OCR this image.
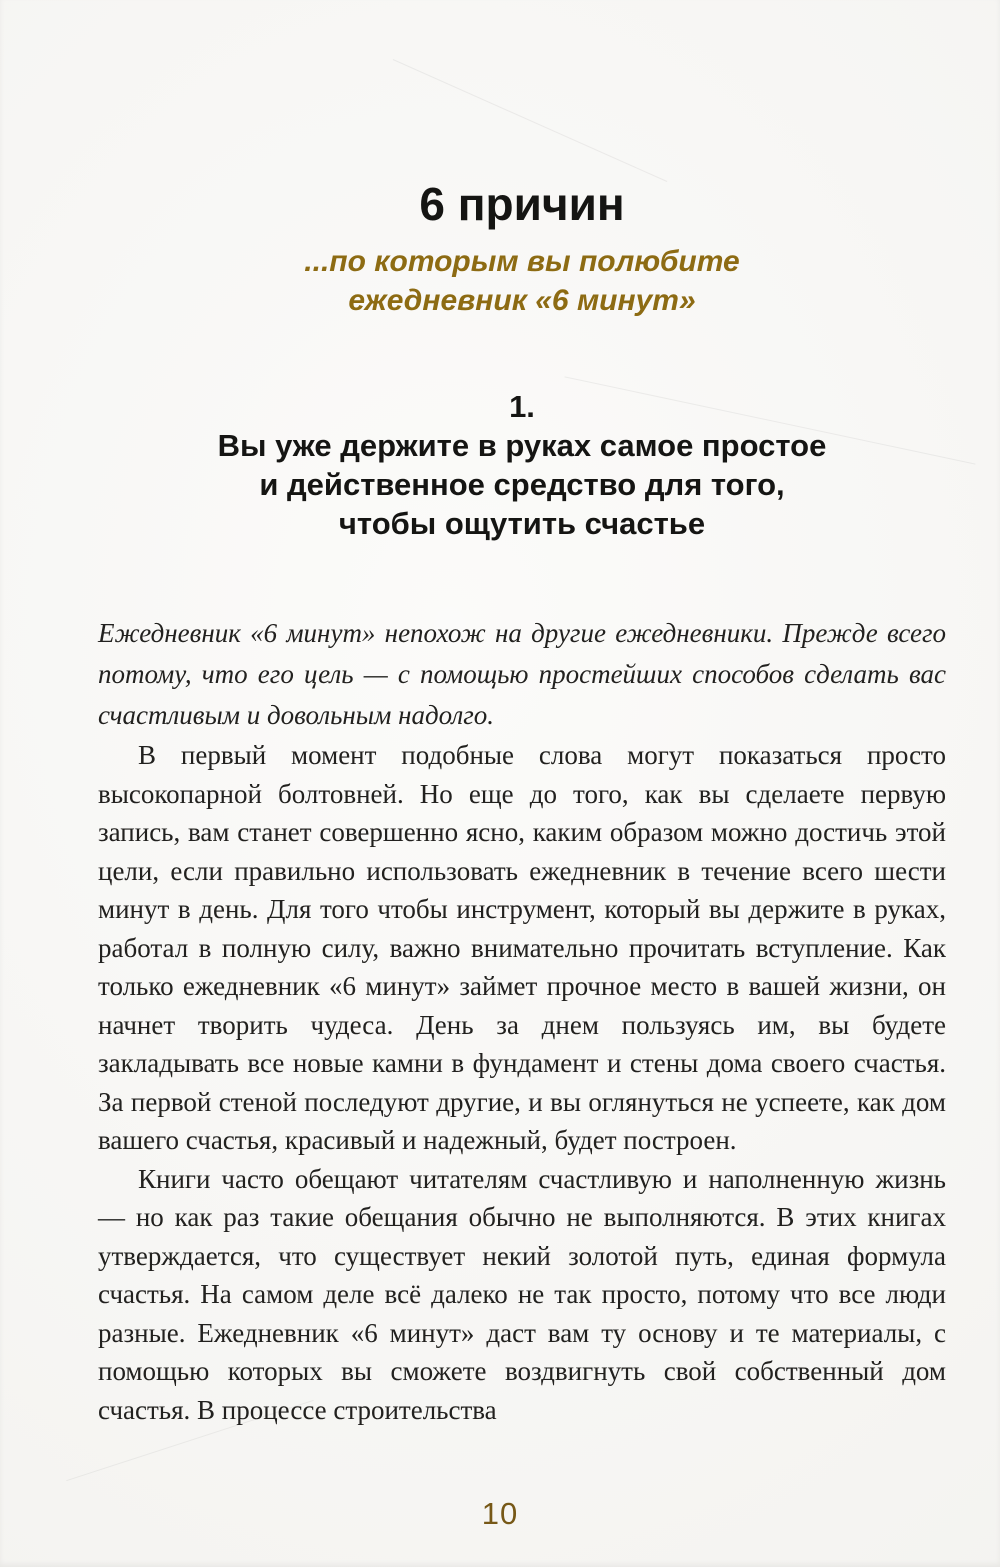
6 причин
...по которым вы полюбите
ежедневник «6 минут»
1.
Вы уже держите в руках самое простое
и действенное средство для того,
чтобы ощутить счастье

Ежедневник «6 минут» непохож на другие ежедневники. Прежде всего потому, что его цель — с помощью простейших способов сделать вас счастливым и довольным надолго.

В первый момент подобные слова могут показаться просто высокопарной болтовней. Но еще до того, как вы сделаете первую запись, вам станет совершенно ясно, каким образом можно достичь этой цели, если правильно использовать ежедневник в течение всего шести минут в день. Для того чтобы инструмент, который вы держите в руках, работал в полную силу, важно внимательно прочитать вступление. Как только ежедневник «6 минут» займет прочное место в вашей жизни, он начнет творить чудеса. День за днем пользуясь им, вы будете закладывать все новые камни в фундамент и стены дома своего счастья. За первой стеной последуют другие, и вы оглянуться не успеете, как дом вашего счастья, красивый и надежный, будет построен.

Книги часто обещают читателям счастливую и наполненную жизнь — но как раз такие обещания обычно не выполняются. В этих книгах утверждается, что существует некий золотой путь, единая формула счастья. На самом деле всё далеко не так просто, потому что все люди разные. Ежедневник «6 минут» даст вам ту основу и те материалы, с помощью которых вы сможете воздвигнуть свой собственный дом счастья. В процессе строительства

10
